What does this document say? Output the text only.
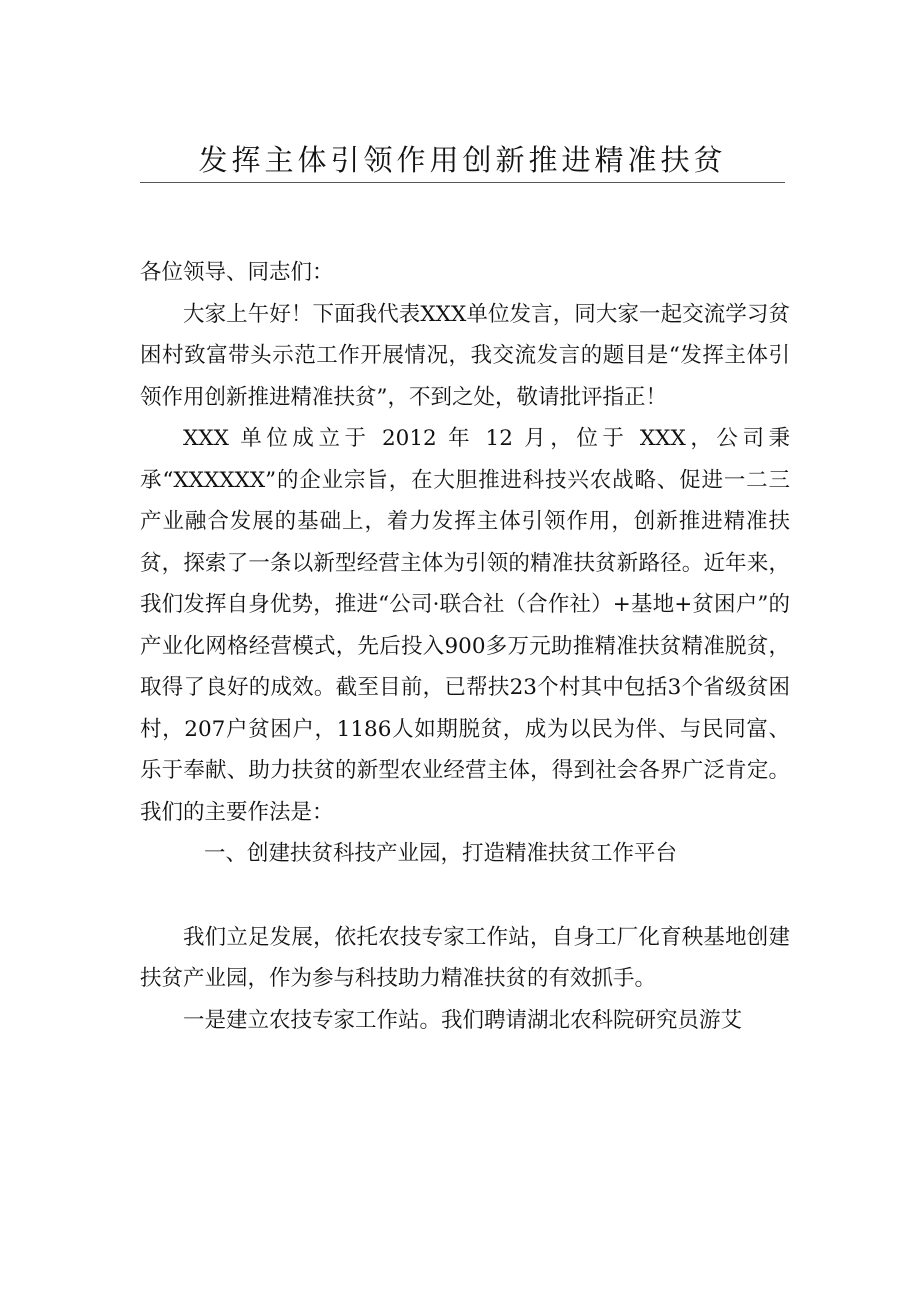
发挥主体引领作用创新推进精准扶贫

各位领导、同志们：

大家上午好！下面我代表XXX单位发言，同大家一起交流学习贫困村致富带头示范工作开展情况，我交流发言的题目是“发挥主体引领作用创新推进精准扶贫”，不到之处，敬请批评指正！

XXX 单位成立于 2012 年 12 月，位于 XXX，公司秉承“XXXXXX”的企业宗旨，在大胆推进科技兴农战略、促进一二三产业融合发展的基础上，着力发挥主体引领作用，创新推进精准扶贫，探索了一条以新型经营主体为引领的精准扶贫新路径。近年来，我们发挥自身优势，推进“公司·联合社（合作社）+基地+贫困户”的产业化网格经营模式，先后投入900多万元助推精准扶贫精准脱贫，取得了良好的成效。截至目前，已帮扶23个村其中包括3个省级贫困村，207户贫困户，1186人如期脱贫，成为以民为伴、与民同富、乐于奉献、助力扶贫的新型农业经营主体，得到社会各界广泛肯定。我们的主要作法是：

一、创建扶贫科技产业园，打造精准扶贫工作平台

我们立足发展，依托农技专家工作站，自身工厂化育秧基地创建扶贫产业园，作为参与科技助力精准扶贫的有效抓手。

一是建立农技专家工作站。我们聘请湖北农科院研究员游艾
